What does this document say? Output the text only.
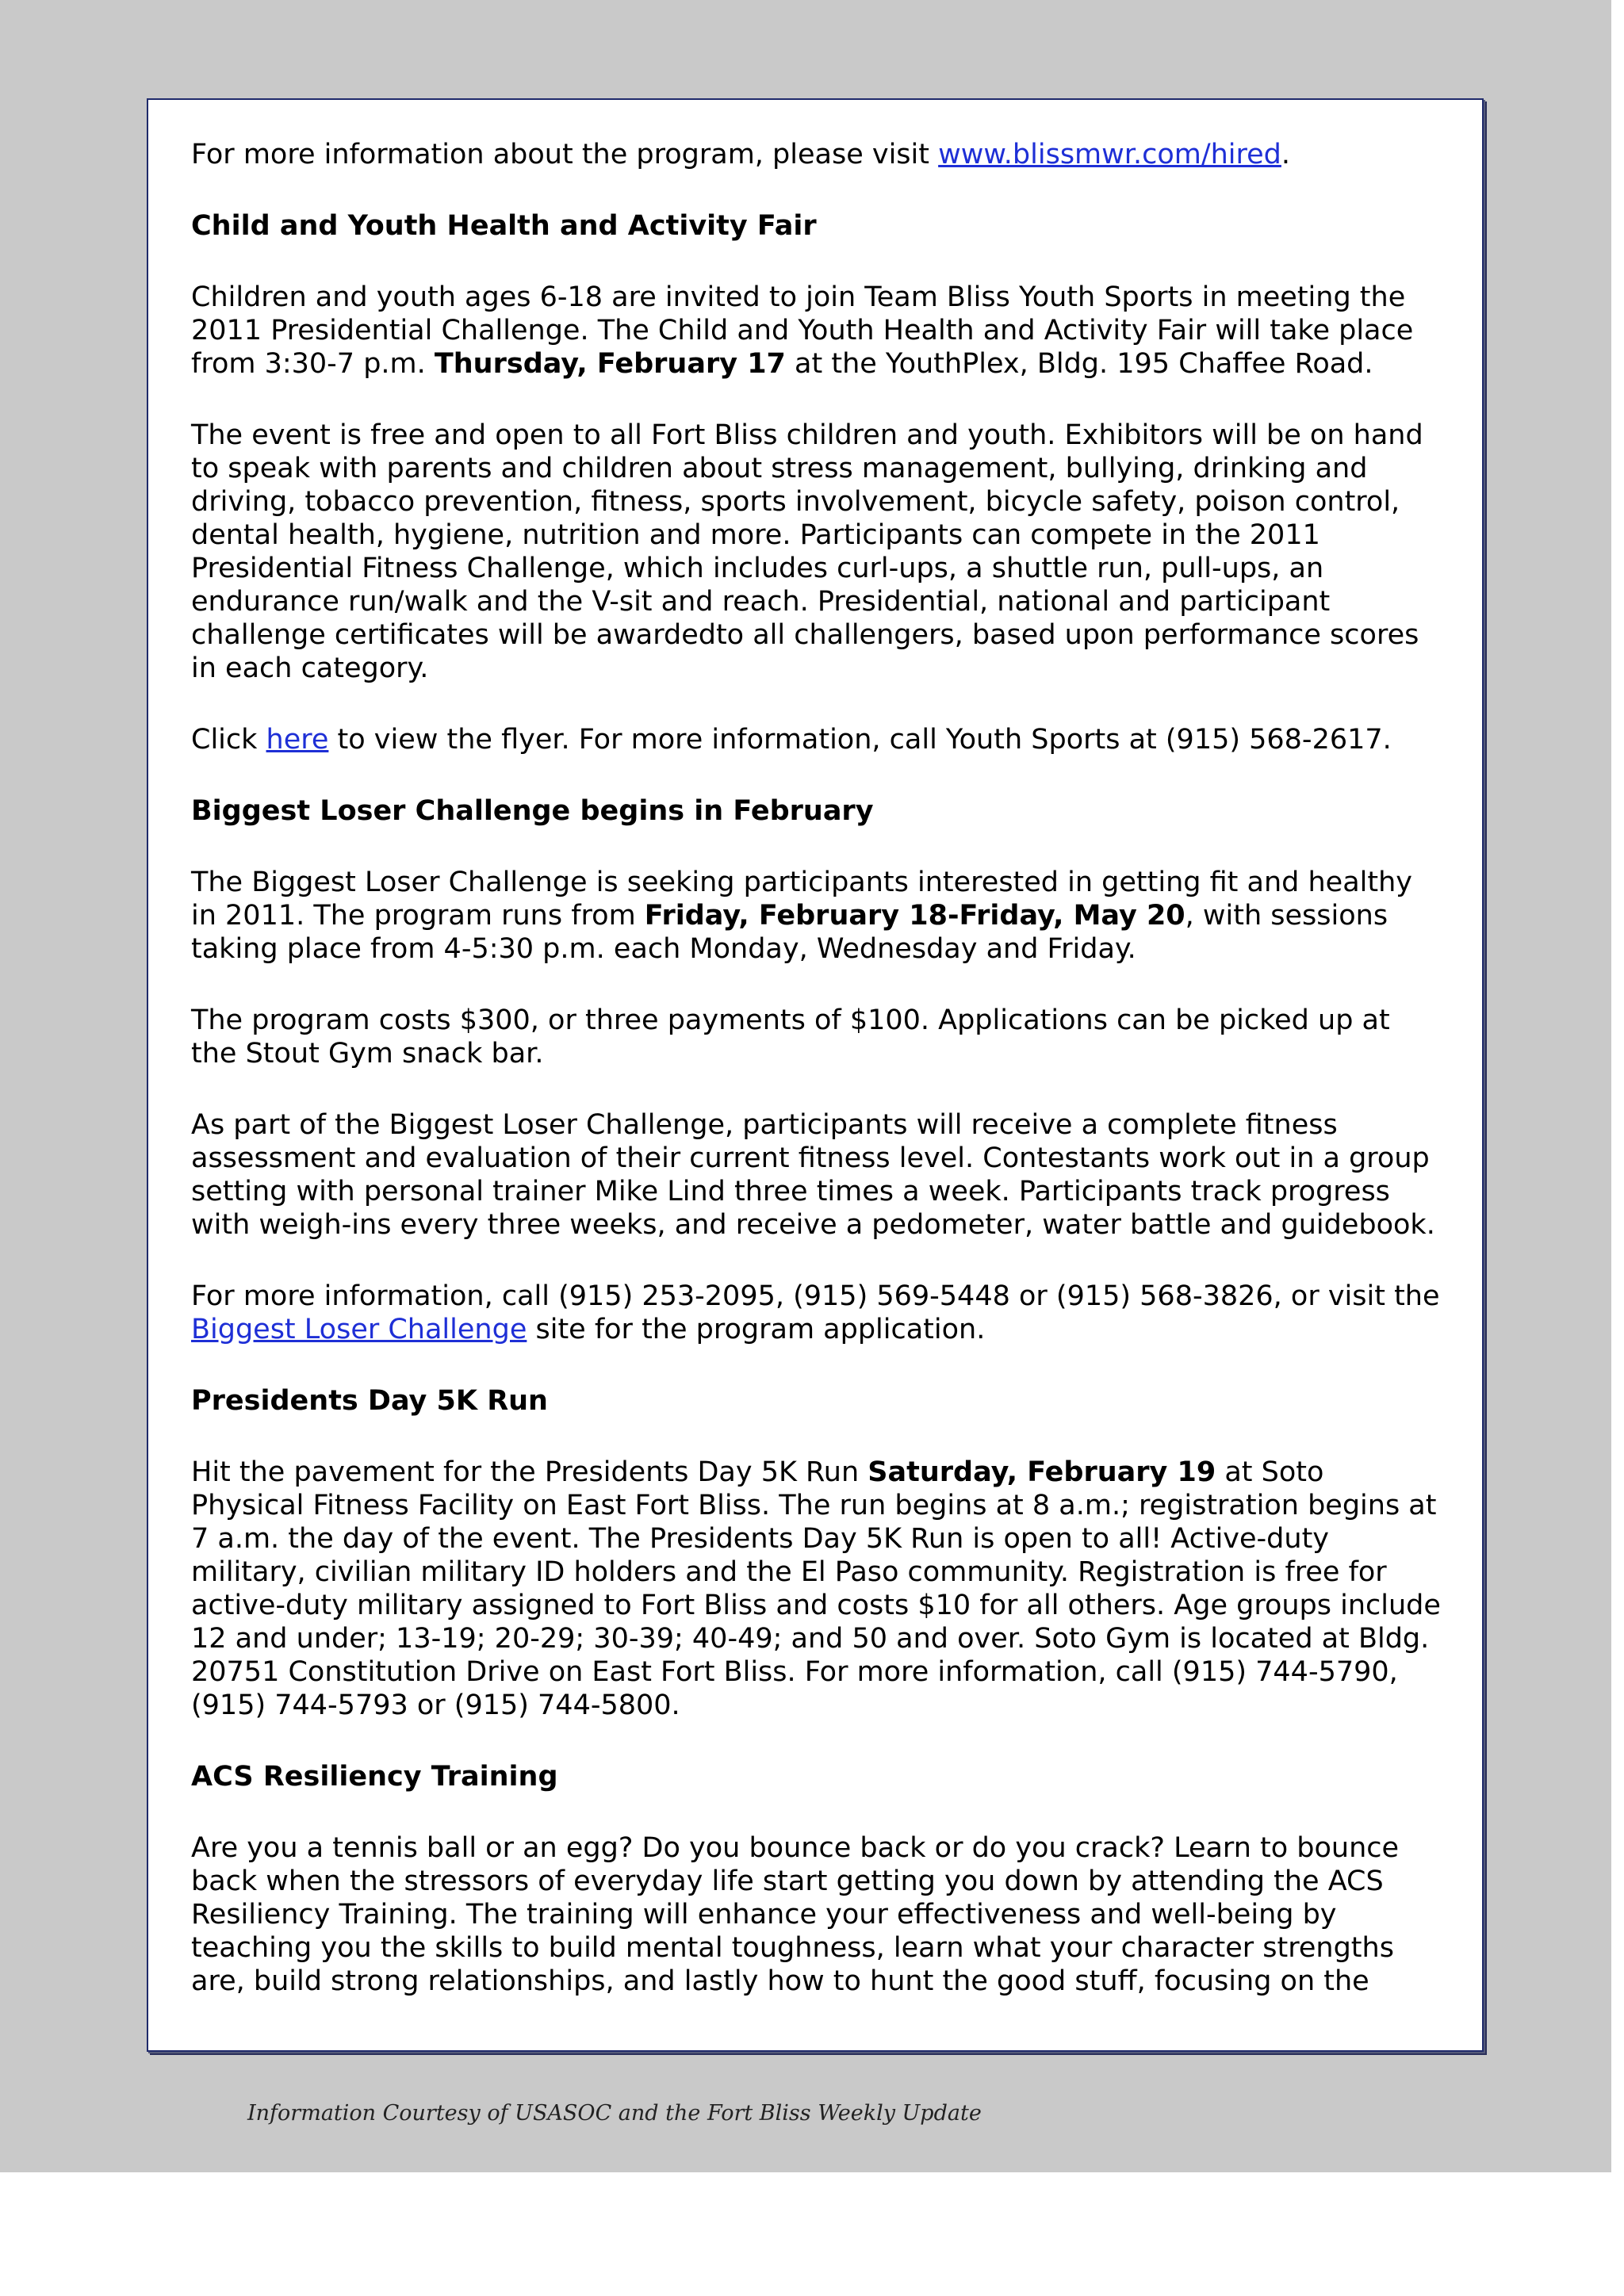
For more information about the program, please visit www.blissmwr.com/hired.

Child and Youth Health and Activity Fair

Children and youth ages 6-18 are invited to join Team Bliss Youth Sports in meeting the 2011 Presidential Challenge. The Child and Youth Health and Activity Fair will take place from 3:30-7 p.m. Thursday, February 17 at the YouthPlex, Bldg. 195 Chaffee Road.

The event is free and open to all Fort Bliss children and youth. Exhibitors will be on hand to speak with parents and children about stress management, bullying, drinking and driving, tobacco prevention, fitness, sports involvement, bicycle safety, poison control, dental health, hygiene, nutrition and more. Participants can compete in the 2011 Presidential Fitness Challenge, which includes curl-ups, a shuttle run, pull-ups, an endurance run/walk and the V-sit and reach. Presidential, national and participant challenge certificates will be awardedto all challengers, based upon performance scores in each category.

Click here to view the flyer. For more information, call Youth Sports at (915) 568-2617.

Biggest Loser Challenge begins in February

The Biggest Loser Challenge is seeking participants interested in getting fit and healthy in 2011. The program runs from Friday, February 18-Friday, May 20, with sessions taking place from 4-5:30 p.m. each Monday, Wednesday and Friday.

The program costs $300, or three payments of $100. Applications can be picked up at the Stout Gym snack bar.

As part of the Biggest Loser Challenge, participants will receive a complete fitness assessment and evaluation of their current fitness level. Contestants work out in a group setting with personal trainer Mike Lind three times a week. Participants track progress with weigh-ins every three weeks, and receive a pedometer, water battle and guidebook.

For more information, call (915) 253-2095, (915) 569-5448 or (915) 568-3826, or visit the Biggest Loser Challenge site for the program application.

Presidents Day 5K Run

Hit the pavement for the Presidents Day 5K Run Saturday, February 19 at Soto Physical Fitness Facility on East Fort Bliss. The run begins at 8 a.m.; registration begins at 7 a.m. the day of the event. The Presidents Day 5K Run is open to all! Active-duty military, civilian military ID holders and the El Paso community. Registration is free for active-duty military assigned to Fort Bliss and costs $10 for all others. Age groups include 12 and under; 13-19; 20-29; 30-39; 40-49; and 50 and over. Soto Gym is located at Bldg. 20751 Constitution Drive on East Fort Bliss. For more information, call (915) 744-5790, (915) 744-5793 or (915) 744-5800.

ACS Resiliency Training

Are you a tennis ball or an egg? Do you bounce back or do you crack? Learn to bounce back when the stressors of everyday life start getting you down by attending the ACS Resiliency Training. The training will enhance your effectiveness and well-being by teaching you the skills to build mental toughness, learn what your character strengths are, build strong relationships, and lastly how to hunt the good stuff, focusing on the

Information Courtesy of USASOC and the Fort Bliss Weekly Update
